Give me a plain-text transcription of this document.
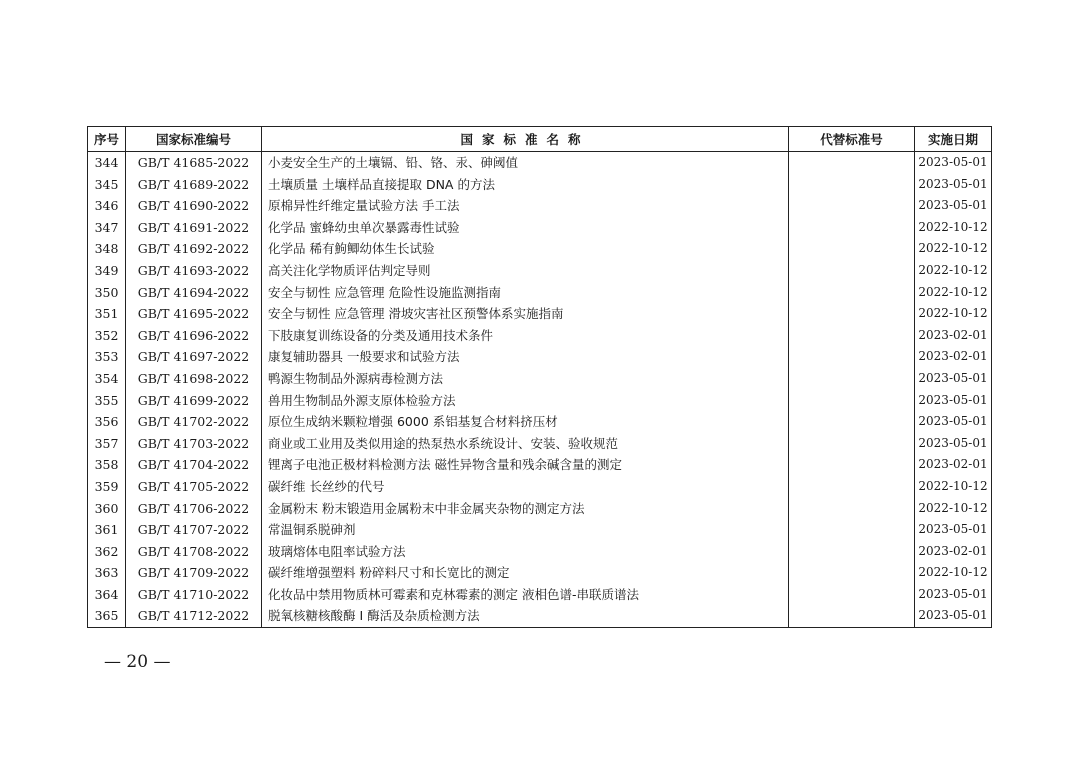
序号	国家标准编号	国家标准名称	代替标准号	实施日期
344	GB/T 41685-2022	小麦安全生产的土壤镉、铅、铬、汞、砷阈值		2023-05-01
345	GB/T 41689-2022	土壤质量 土壤样品直接提取 DNA 的方法		2023-05-01
346	GB/T 41690-2022	原棉异性纤维定量试验方法 手工法		2023-05-01
347	GB/T 41691-2022	化学品 蜜蜂幼虫单次暴露毒性试验		2022-10-12
348	GB/T 41692-2022	化学品 稀有鮈鲫幼体生长试验		2022-10-12
349	GB/T 41693-2022	高关注化学物质评估判定导则		2022-10-12
350	GB/T 41694-2022	安全与韧性 应急管理 危险性设施监测指南		2022-10-12
351	GB/T 41695-2022	安全与韧性 应急管理 滑坡灾害社区预警体系实施指南		2022-10-12
352	GB/T 41696-2022	下肢康复训练设备的分类及通用技术条件		2023-02-01
353	GB/T 41697-2022	康复辅助器具 一般要求和试验方法		2023-02-01
354	GB/T 41698-2022	鸭源生物制品外源病毒检测方法		2023-05-01
355	GB/T 41699-2022	兽用生物制品外源支原体检验方法		2023-05-01
356	GB/T 41702-2022	原位生成纳米颗粒增强 6000 系铝基复合材料挤压材		2023-05-01
357	GB/T 41703-2022	商业或工业用及类似用途的热泵热水系统设计、安装、验收规范		2023-05-01
358	GB/T 41704-2022	锂离子电池正极材料检测方法 磁性异物含量和残余碱含量的测定		2023-02-01
359	GB/T 41705-2022	碳纤维 长丝纱的代号		2022-10-12
360	GB/T 41706-2022	金属粉末 粉末锻造用金属粉末中非金属夹杂物的测定方法		2022-10-12
361	GB/T 41707-2022	常温铜系脱砷剂		2023-05-01
362	GB/T 41708-2022	玻璃熔体电阻率试验方法		2023-02-01
363	GB/T 41709-2022	碳纤维增强塑料 粉碎料尺寸和长宽比的测定		2022-10-12
364	GB/T 41710-2022	化妆品中禁用物质林可霉素和克林霉素的测定 液相色谱-串联质谱法		2023-05-01
365	GB/T 41712-2022	脱氧核糖核酸酶 I 酶活及杂质检测方法		2023-05-01
— 20 —
